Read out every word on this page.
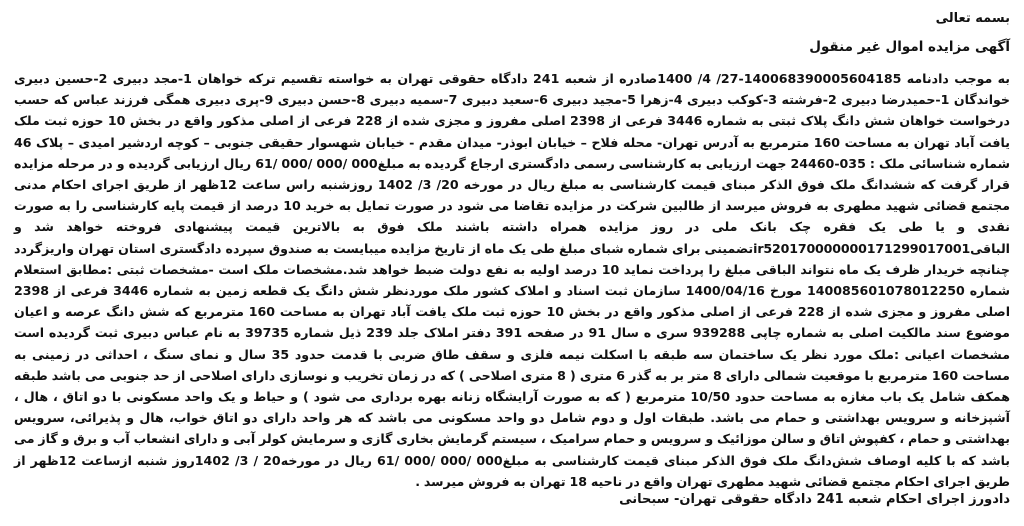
بسمه تعالی

آگهی مزایده اموال غیر منقول

به موجب دادنامه 140068390005604185-27/ 4/ 1400صادره از شعبه 241 دادگاه حقوقی تهران به خواسته تقسیم ترکه خواهان 1-مجد دبیری 2-حسین دبیری خواندگان 1-حمیدرضا دبیری 2-فرشته 3-کوکب دبیری 4-زهرا 5-مجید دبیری 6-سعید دبیری 7-سمیه دبیری 8-حسن دبیری 9-پری دبیری همگی فرزند عباس که حسب درخواست خواهان شش دانگ پلاک ثبتی به شماره 3446 فرعی از 2398 اصلی مفروز و مجزی شده از 228 فرعی از اصلی مذکور واقع در بخش 10 حوزه ثبت ملک یافت آباد تهران به مساحت 160 مترمربع به آدرس تهران- محله فلاح – خیابان ابوذر- میدان مقدم - خیابان شهسوار حقیقی جنوبی – کوچه اردشیر امیدی – پلاک 46 شماره شناسائی ملک : 035-24460 جهت ارزیابی به کارشناسی رسمی دادگستری ارجاع گردیده به مبلغ000 /000 /000 /61 ریال ارزیابی گردیده و در مرحله مزایده قرار گرفت که ششدانگ ملک فوق الذکر مبنای قیمت کارشناسی به مبلغ ریال در مورخه 20/ 3/ 1402 روزشنبه راس ساعت 12ظهر از طریق اجرای احکام مدنی مجتمع قضائی شهید مطهری به فروش میرسد از طالبین شرکت در مزایده تقاضا می شود در صورت تمایل به خرید 10 درصد از قیمت پایه کارشناسی را به صورت نقدی و یا طی یک فقره چک بانک ملی در روز مزایده همراه داشته باشند ملک فوق به بالاترین قیمت پیشنهادی فروخته خواهد شد و الباقیir520170000000171299017001تضمینی برای شماره شبای مبلغ طی یک ماه از تاریخ مزایده میبایست به صندوق سپرده دادگستری استان تهران واریزگردد چنانچه خریدار ظرف یک ماه نتواند الباقی مبلغ را پرداخت نماید 10 درصد اولیه به نفع دولت ضبط خواهد شد.مشخصات ملک است -مشخصات ثبتی :مطابق استعلام شماره 140085601078012250 مورخ 1400/04/16 سازمان ثبت اسناد و املاک کشور ملک موردنظر شش دانگ یک قطعه زمین به شماره 3446 فرعی از 2398 اصلی مفروز و مجزی شده از 228 فرعی از اصلی مذکور واقع در بخش 10 حوزه ثبت ملک یافت آباد تهران به مساحت 160 مترمربع که شش دانگ عرصه و اعیان موضوع سند مالکیت اصلی به شماره چاپی 939288 سری ه سال 91 در صفحه 391 دفتر املاک جلد 239 ذیل شماره 39735 به نام عباس دبیری ثبت گردیده است مشخصات اعیانی :ملک مورد نظر یک ساختمان سه طبقه با اسکلت نیمه فلزی و سقف طاق ضربی با قدمت حدود 35 سال و نمای سنگ ، احداثی در زمینی به مساحت 160 مترمربع با موقعیت شمالی دارای 8 متر بر به گذر 6 متری ( 8 متری اصلاحی ) که در زمان تخریب و نوسازی دارای اصلاحی از حد جنوبی می باشد طبقه همکف شامل یک باب مغازه به مساحت حدود 10/50 مترمربع ( که به صورت آرایشگاه زنانه بهره برداری می شود ) و حیاط و یک واحد مسکونی با دو اتاق ، هال ، آشپزخانه و سرویس بهداشتی و حمام می باشد. طبقات اول و دوم شامل دو واحد مسکونی می باشد که هر واحد دارای دو اتاق خواب، هال و پذیرائی، سرویس بهداشتی و حمام ، کفپوش اتاق و سالن موزائیک و سرویس و حمام سرامیک ، سیستم گرمایش بخاری گازی و سرمایش کولر آبی و دارای انشعاب آب و برق و گاز می باشد که با کلیه اوصاف شش‌دانگ ملک فوق الذکر مبنای قیمت کارشناسی به مبلغ000 /000 /000 /61 ریال در مورخه20 / 3/ 1402روز شنبه ازساعت 12ظهر از طریق اجرای احکام مجتمع قضائی شهید مطهری تهران واقع در ناحیه 18 تهران به فروش میرسد .
دادورز اجرای احکام شعبه 241 دادگاه حقوقی تهران- سبحانی
